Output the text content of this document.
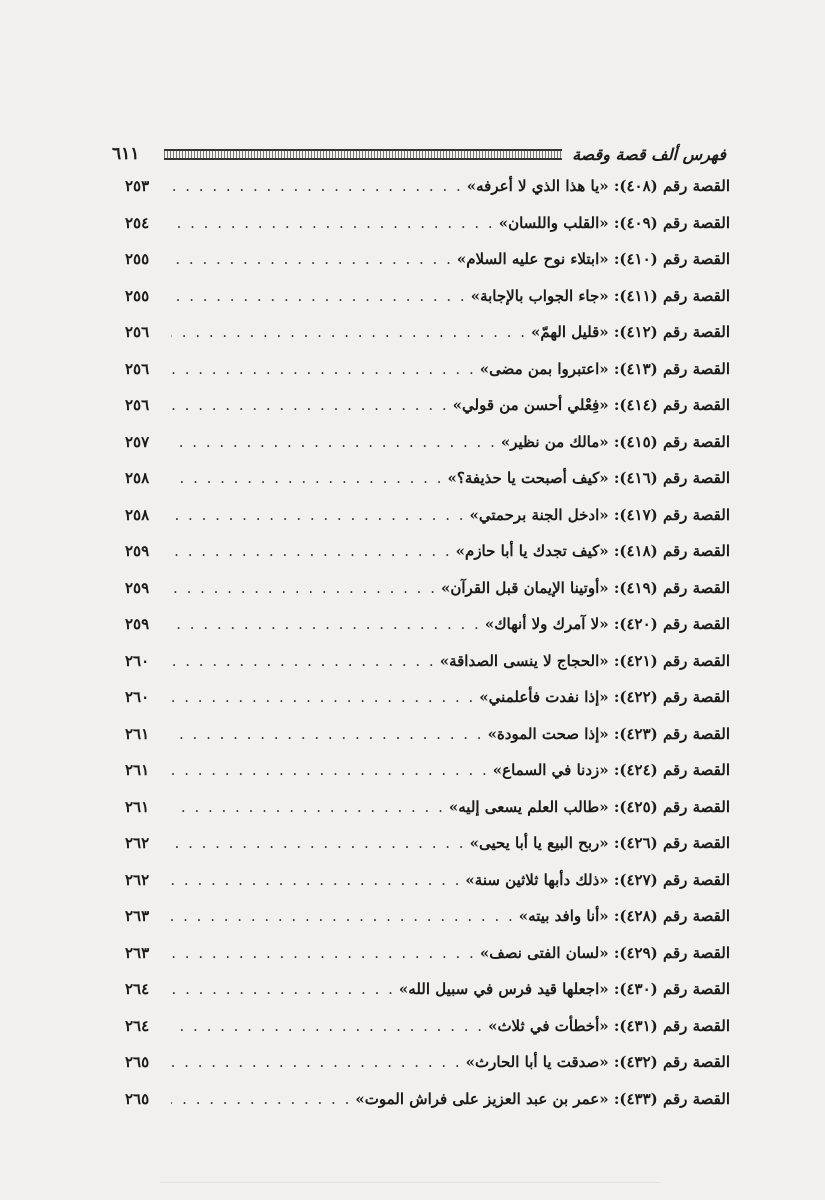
٦١١	فهرس ألف قصة وقصة
القصة رقم (٤٠٨):

«يا هذا الذي لا أعرفه»
. . .
٢٥٣
القصة رقم (٤٠٩):

«القلب واللسان»
. . .
٢٥٤
القصة رقم (٤١٠):

«ابتلاء نوح عليه السلام»
. . .
٢٥٥
القصة رقم (٤١١):

«جاء الجواب بالإجابة»
. . .
٢٥٥
القصة رقم (٤١٢):

«قليل الهمّ»
. . .
٢٥٦
القصة رقم (٤١٣):

«اعتبروا بمن مضى»
. . .
٢٥٦
القصة رقم (٤١٤):

«فِعْلي أحسن من قولي»
. . .
٢٥٦
القصة رقم (٤١٥):

«مالك من نظير»
. . .
٢٥٧
القصة رقم (٤١٦):

«كيف أصبحت يا حذيفة؟»
. . .
٢٥٨
القصة رقم (٤١٧):

«ادخل الجنة برحمتي»
. . .
٢٥٨
القصة رقم (٤١٨):

«كيف تجدك يا أبا حازم»
. . .
٢٥٩
القصة رقم (٤١٩):

«أوتينا الإيمان قبل القرآن»
. . .
٢٥٩
القصة رقم (٤٢٠):

«لا آمرك ولا أنهاك»
. . .
٢٥٩
القصة رقم (٤٢١):

«الحجاج لا ينسى الصداقة»
. . .
٢٦٠
القصة رقم (٤٢٢):

«إذا نفدت فأعلمني»
. . .
٢٦٠
القصة رقم (٤٢٣):

«إذا صحت المودة»
. . .
٢٦١
القصة رقم (٤٢٤):

«زدنا في السماع»
. . .
٢٦١
القصة رقم (٤٢٥):

«طالب العلم يسعى إليه»
. . .
٢٦١
القصة رقم (٤٢٦):

«ربح البيع يا أبا يحيى»
. . .
٢٦٢
القصة رقم (٤٢٧):

«ذلك دأبها ثلاثين سنة»
. . .
٢٦٢
القصة رقم (٤٢٨):

«أنا وافد بيته»
. . .
٢٦٣
القصة رقم (٤٢٩):

«لسان الفتى نصف»
. . .
٢٦٣
القصة رقم (٤٣٠):

«اجعلها قيد فرس في سبيل الله»
. . .
٢٦٤
القصة رقم (٤٣١):

«أخطأت في ثلاث»
. . .
٢٦٤
القصة رقم (٤٣٢):

«صدقت يا أبا الحارث»
. . .
٢٦٥
القصة رقم (٤٣٣):

«عمر بن عبد العزيز على فراش الموت»
. . .
٢٦٥
